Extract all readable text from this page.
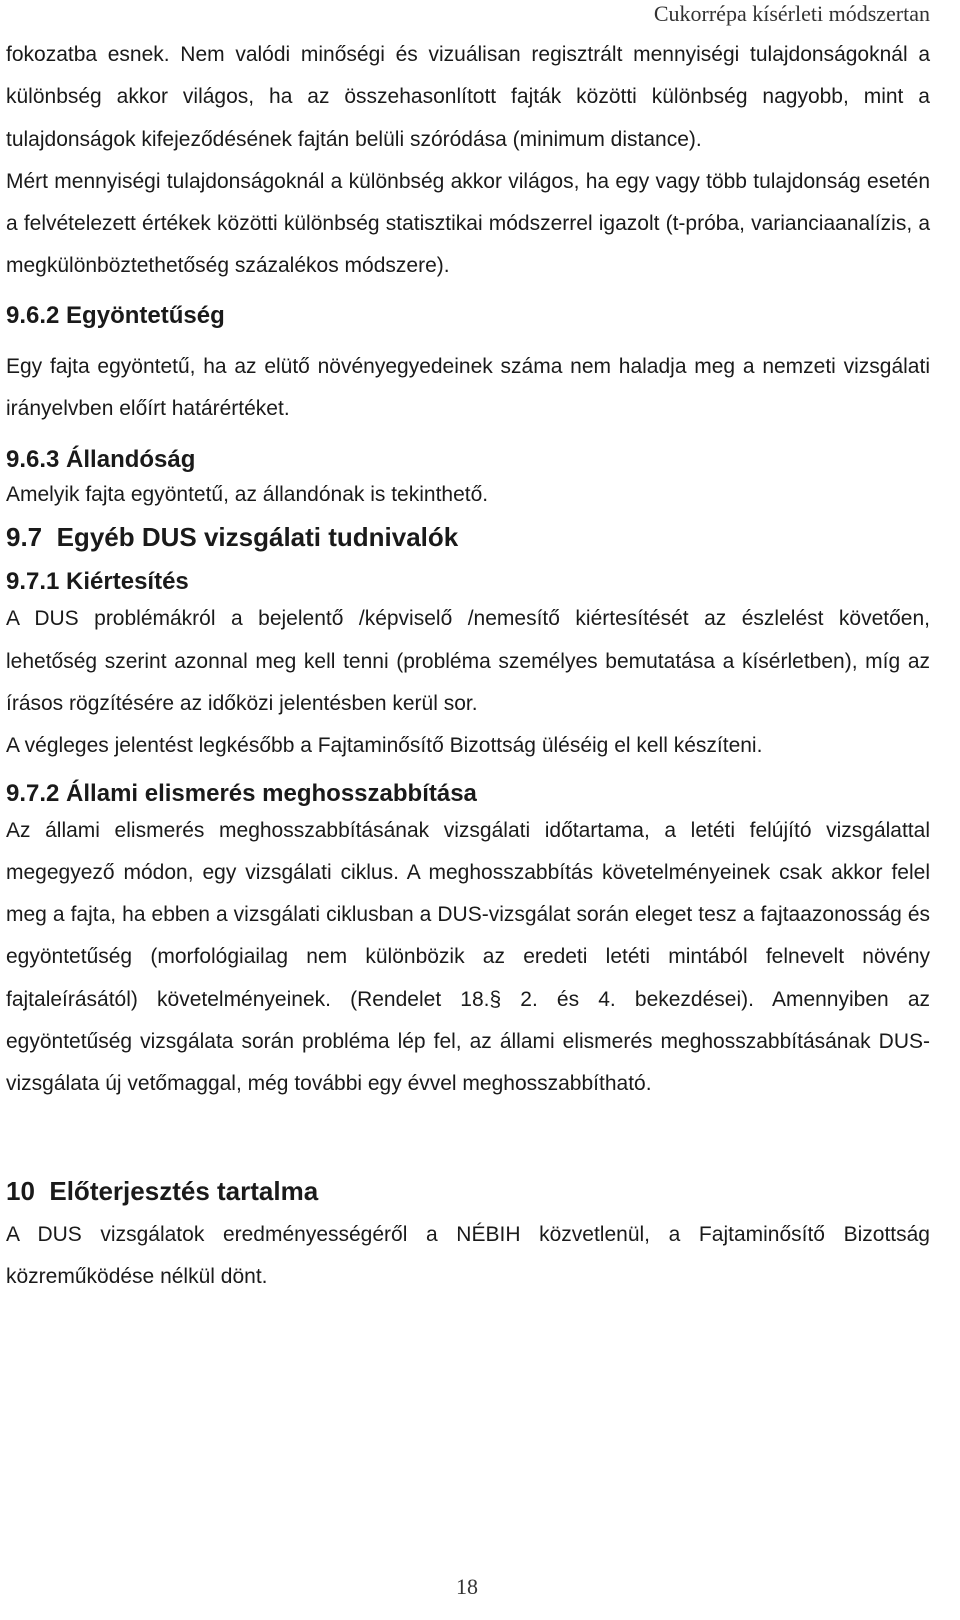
Cukorrépa kísérleti módszertan

fokozatba esnek. Nem valódi minőségi és vizuálisan regisztrált mennyiségi tulajdonságoknál a különbség akkor világos, ha az összehasonlított fajták közötti különbség nagyobb, mint a tulajdonságok kifejeződésének fajtán belüli szóródása (minimum distance).

Mért mennyiségi tulajdonságoknál a különbség akkor világos, ha egy vagy több tulajdonság esetén a felvételezett értékek közötti különbség statisztikai módszerrel igazolt (t-próba, varianciaanalízis, a megkülönböztethetőség százalékos módszere).

9.6.2 Egyöntetűség

Egy fajta egyöntetű, ha az elütő növényegyedeinek száma nem haladja meg a nemzeti vizsgálati irányelvben előírt határértéket.

9.6.3 Állandóság

Amelyik fajta egyöntetű, az állandónak is tekinthető.

9.7  Egyéb DUS vizsgálati tudnivalók
9.7.1 Kiértesítés

A DUS problémákról a bejelentő /képviselő /nemesítő kiértesítését az észlelést követően, lehetőség szerint azonnal meg kell tenni (probléma személyes bemutatása a kísérletben), míg az írásos rögzítésére az időközi jelentésben kerül sor.

A végleges jelentést legkésőbb a Fajtaminősítő Bizottság üléséig el kell készíteni.

9.7.2 Állami elismerés meghosszabbítása

Az állami elismerés meghosszabbításának vizsgálati időtartama, a letéti felújító vizsgálattal megegyező módon, egy vizsgálati ciklus. A meghosszabbítás követelményeinek csak akkor felel meg a fajta, ha ebben a vizsgálati ciklusban a DUS-vizsgálat során eleget tesz a fajtaazonosság és egyöntetűség (morfológiailag nem különbözik az eredeti letéti mintából felnevelt növény fajtaleírásától) követelményeinek. (Rendelet 18.§ 2. és 4. bekezdései). Amennyiben az egyöntetűség vizsgálata során probléma lép fel, az állami elismerés meghosszabbításának DUS-vizsgálata új vetőmaggal, még további egy évvel meghosszabbítható.

10  Előterjesztés tartalma

A DUS vizsgálatok eredményességéről a NÉBIH közvetlenül, a Fajtaminősítő Bizottság közreműködése nélkül dönt.

18
